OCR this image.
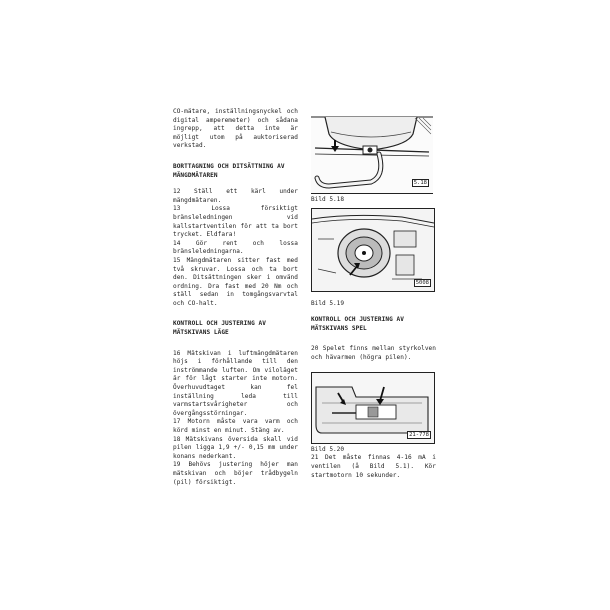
CO-mätare, inställningsnyckel och digital amperemeter) och sådana ingrepp, att detta inte är möjligt utom på auktoriserad verkstad.

BORTTAGNING OCH DITSÄTTNING AV MÄNGDMÄTAREN

12 Ställ ett kärl under mängdmätaren.

13 Lossa försiktigt bränsleledningen vid kallstartventilen för att ta bort trycket. Eldfara!

14 Gör rent och lossa bränsleledningarna.

15 Mängdmätaren sitter fast med två skruvar. Lossa och ta bort den. Ditsättningen sker i omvänd ordning. Dra fast med 20 Nm och ställ sedan in tomgångsvarvtal och CO-halt.

KONTROLL OCH JUSTERING AV MÄTSKIVANS LÄGE

16 Mätskivan i luftmängdmätaren höjs i förhållande till den inströmmande luften. Om viloläget är för lågt starter inte motorn. Överhuvudtaget kan fel inställning leda till varmstartsvårigheter och övergångsstörningar.

17 Motorn måste vara varm och körd minst en minut. Stäng av.

18 Mätskivans översida skall vid pilen ligga 1,9 +/- 0,15 mm under konans nederkant.

19 Behövs justering höjer man mätskivan och böjer trådbygeln (pil) försiktigt.

5.18

Bild 5.18

5008

Bild 5.19

KONTROLL OCH JUSTERING AV MÄTSKIVANS SPEL

20 Spelet finns mellan styrkolven och hävarmen (högra pilen).

21-778

Bild 5.20

21 Det måste finnas 4-16 mA i ventilen (å Bild 5.1). Kör startmotorn 10 sekunder.
